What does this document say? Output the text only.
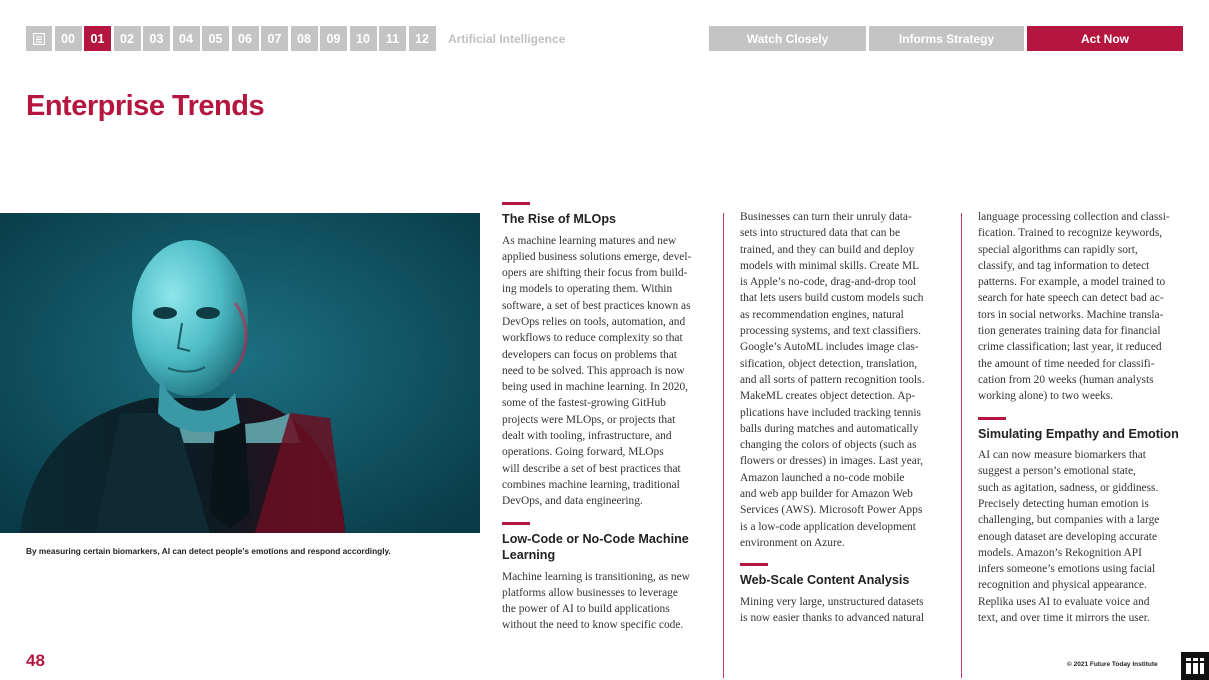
00	01	02	03	04	05	06	07	08	09	10	11	12	Artificial Intelligence	Watch Closely	Informs Strategy	Act Now
Enterprise Trends
By measuring certain biomarkers, AI can detect people’s emotions and respond accordingly.
The Rise of MLOps

As machine learning matures and new

applied business solutions emerge, devel-

opers are shifting their focus from build-

ing models to operating them. Within

software, a set of best practices known as

DevOps relies on tools, automation, and

workflows to reduce complexity so that

developers can focus on problems that

need to be solved. This approach is now

being used in machine learning. In 2020,

some of the fastest-growing GitHub

projects were MLOps, or projects that

dealt with tooling, infrastructure, and

operations. Going forward, MLOps

will describe a set of best practices that

combines machine learning, traditional

DevOps, and data engineering.

Low-Code or No-Code Machine
Learning

Machine learning is transitioning, as new

platforms allow businesses to leverage

the power of AI to build applications

without the need to know specific code.

Businesses can turn their unruly data-

sets into structured data that can be

trained, and they can build and deploy

models with minimal skills. Create ML

is Apple’s no-code, drag-and-drop tool

that lets users build custom models such

as recommendation engines, natural

processing systems, and text classifiers.

Google’s AutoML includes image clas-

sification, object detection, translation,

and all sorts of pattern recognition tools.

MakeML creates object detection. Ap-

plications have included tracking tennis

balls during matches and automatically

changing the colors of objects (such as

flowers or dresses) in images. Last year,

Amazon launched a no-code mobile

and web app builder for Amazon Web

Services (AWS). Microsoft Power Apps

is a low-code application development

environment on Azure.

Web-Scale Content Analysis

Mining very large, unstructured datasets

is now easier thanks to advanced natural

language processing collection and classi-

fication. Trained to recognize keywords,

special algorithms can rapidly sort,

classify, and tag information to detect

patterns. For example, a model trained to

search for hate speech can detect bad ac-

tors in social networks. Machine transla-

tion generates training data for financial

crime classification; last year, it reduced

the amount of time needed for classifi-

cation from 20 weeks (human analysts

working alone) to two weeks.

Simulating Empathy and Emotion

AI can now measure biomarkers that

suggest a person’s emotional state,

such as agitation, sadness, or giddiness.

Precisely detecting human emotion is

challenging, but companies with a large

enough dataset are developing accurate

models. Amazon’s Rekognition API

infers someone’s emotions using facial

recognition and physical appearance.

Replika uses AI to evaluate voice and

text, and over time it mirrors the user.

48	© 2021 Future Today Institute
